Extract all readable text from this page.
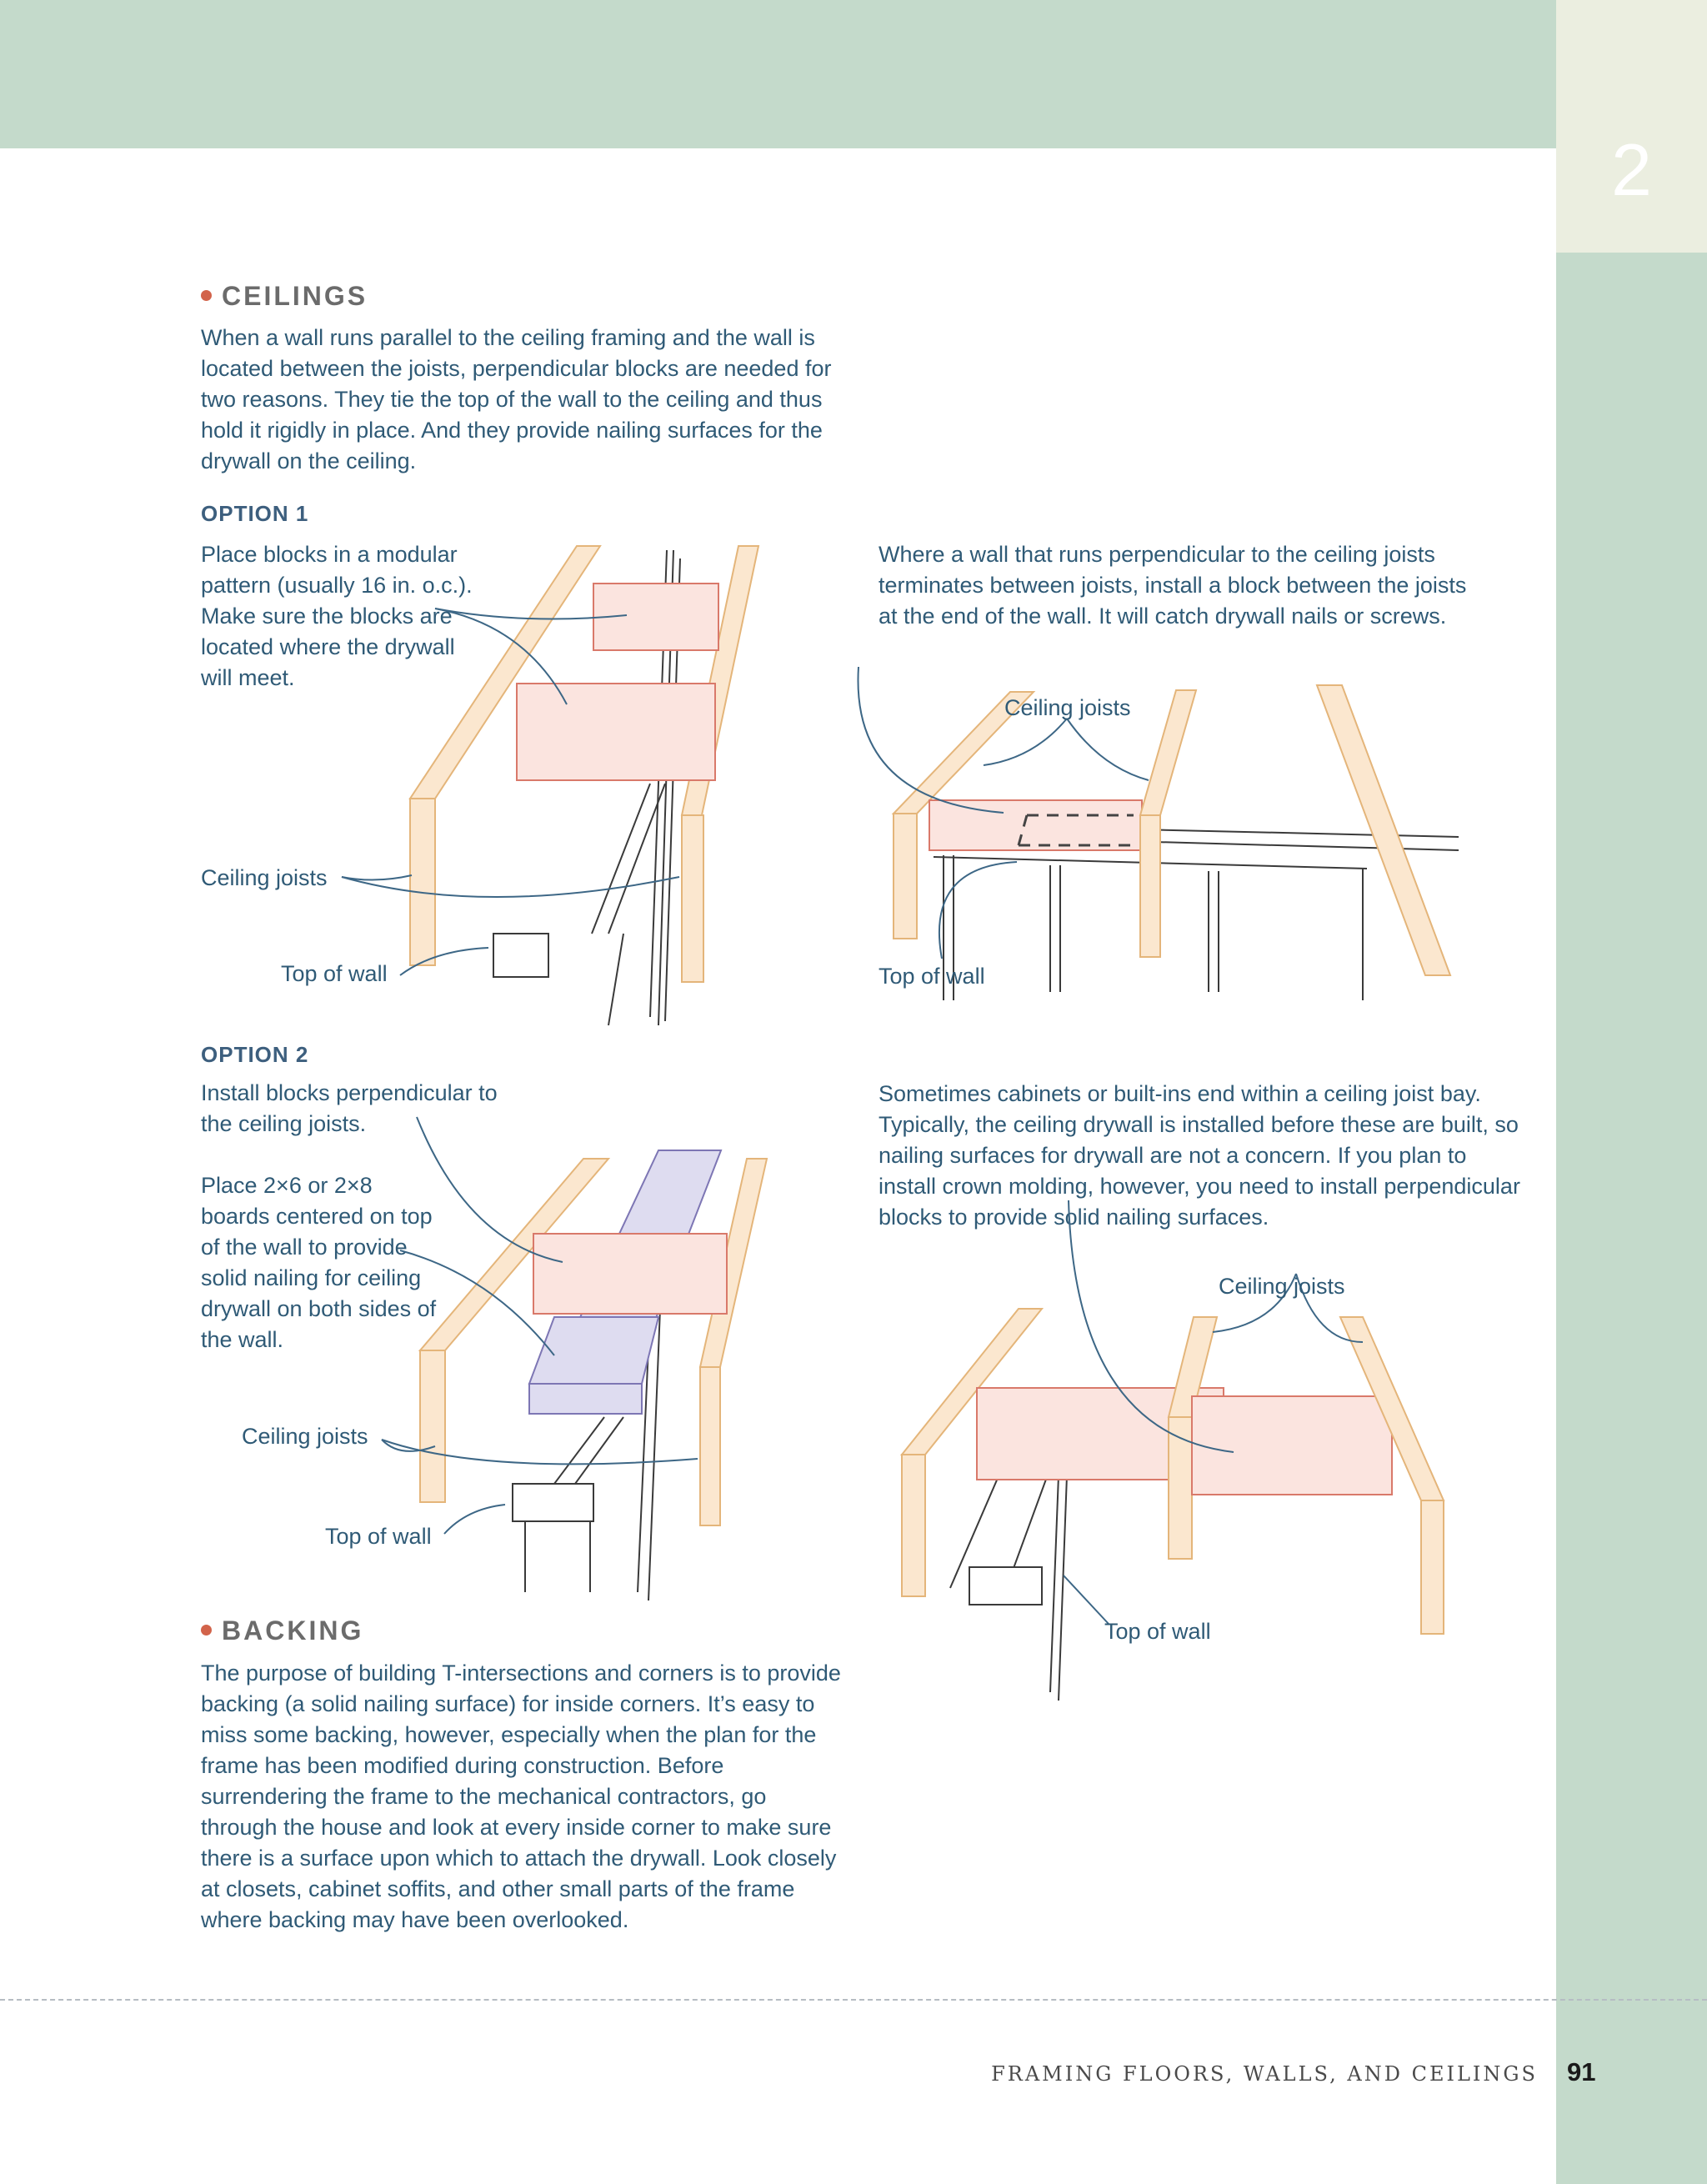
2
CEILINGS

When a wall runs parallel to the ceiling framing and the wall is located between the joists, perpendicular blocks are needed for two reasons. They tie the top of the wall to the ceiling and thus hold it rigidly in place. And they provide nailing surfaces for the drywall on the ceiling.

OPTION 1

Place blocks in a modular pattern (usually 16 in. o.c.). Make sure the blocks are located where the drywall will meet.

Ceiling joists
Top of wall

Where a wall that runs perpendicular to the ceiling joists terminates between joists, install a block between the joists at the end of the wall. It will catch drywall nails or screws.

Ceiling joists
Top of wall
OPTION 2

Install blocks perpendicular to the ceiling joists.

Place 2×6 or 2×8 boards centered on top of the wall to provide solid nailing for ceiling drywall on both sides of the wall.

Ceiling joists
Top of wall

Sometimes cabinets or built-ins end within a ceiling joist bay. Typically, the ceiling drywall is installed before these are built, so nailing surfaces for drywall are not a concern. If you plan to install crown molding, however, you need to install perpendicular blocks to provide solid nailing surfaces.

Ceiling joists
Top of wall
BACKING

The purpose of building T-intersections and corners is to provide backing (a solid nailing surface) for inside corners. It’s easy to miss some backing, however, especially when the plan for the frame has been modified during construction. Before surrendering the frame to the mechanical contractors, go through the house and look at every inside corner to make sure there is a surface upon which to attach the drywall. Look closely at closets, cabinet soffits, and other small parts of the frame where backing may have been overlooked.

FRAMING FLOORS, WALLS, AND CEILINGS 91
